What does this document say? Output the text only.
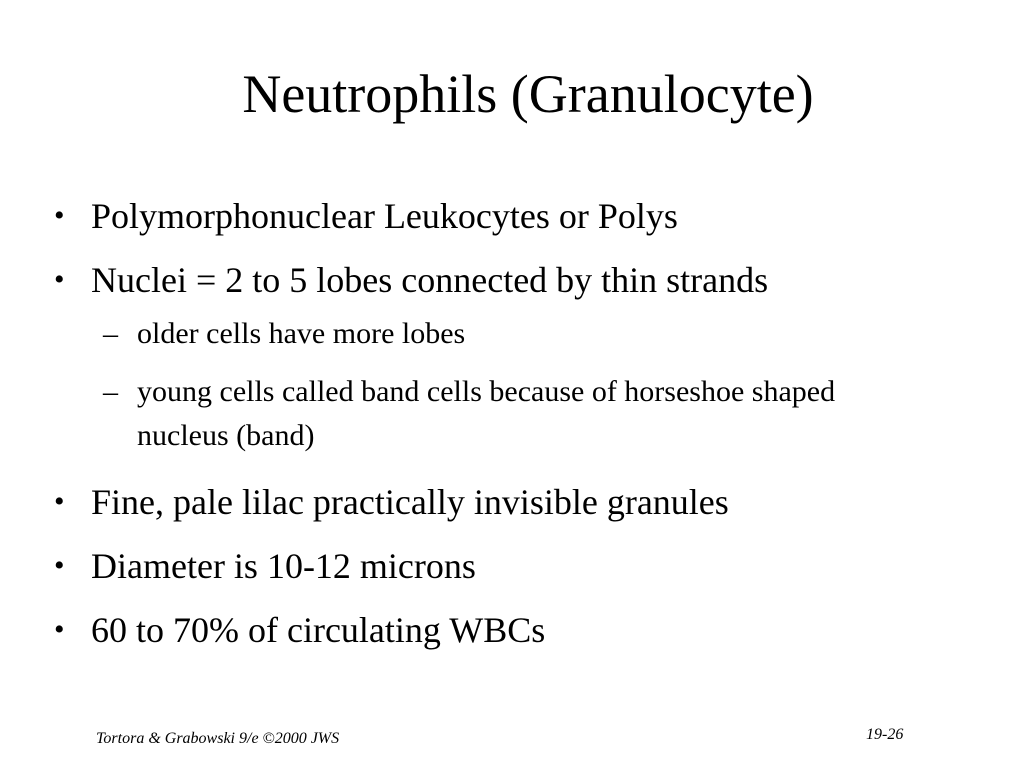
Neutrophils (Granulocyte)
• Polymorphonuclear Leukocytes or Polys
• Nuclei = 2 to 5 lobes connected by thin strands
– older cells have more lobes
– young cells called band cells because of horseshoe shaped nucleus (band)
• Fine, pale lilac practically invisible granules
• Diameter is 10-12 microns
• 60 to 70% of circulating WBCs
Tortora & Grabowski 9/e ©2000 JWS	19-26
